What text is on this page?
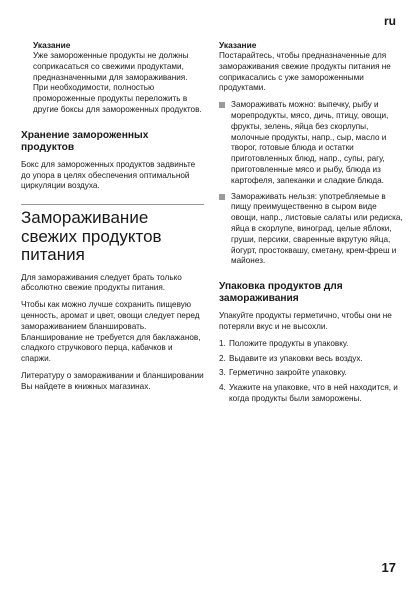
ru
Указание

Уже замороженные продукты не должны соприкасаться со свежими продуктами, предназначенными для замораживания. При необходимости, полностью промороженные продукты переложить в другие боксы для замороженных продуктов.

Хранение замороженных продуктов

Бокс для замороженных продуктов задвиньте до упора в целях обеспечения оптимальной циркуляции воздуха.

Замораживание свежих продуктов питания

Для замораживания следует брать только абсолютно свежие продукты питания.

Чтобы как можно лучше сохранить пищевую ценность, аромат и цвет, овощи следует перед замораживанием бланшировать. Бланширование не требуется для баклажанов, сладкого стручкового перца, кабачков и спаржи.

Литературу о замораживании и бланшировании Вы найдете в книжных магазинах.

Указание

Постарайтесь, чтобы предназначенные для замораживания свежие продукты питания не соприкасались с уже замороженными продуктами.

Замораживать можно: выпечку, рыбу и морепродукты, мясо, дичь, птицу, овощи, фрукты, зелень, яйца без скорлупы, молочные продукты, напр., сыр, масло и творог, готовые блюда и остатки приготовленных блюд, напр., супы, рагу, приготовленные мясо и рыбу, блюда из картофеля, запеканки и сладкие блюда.
Замораживать нельзя: употребляемые в пищу преимущественно в сыром виде овощи, напр., листовые салаты или редиска, яйца в скорлупе, виноград, целые яблоки, груши, персики, сваренные вкрутую яйца, йогурт, простоквашу, сметану, крем-фреш и майонез.
Упаковка продуктов для замораживания

Упакуйте продукты герметично, чтобы они не потеряли вкус и не высохли.

1. Положите продукты в упаковку.
2. Выдавите из упаковки весь воздух.
3. Герметично закройте упаковку.
4. Укажите на упаковке, что в ней находится, и когда продукты были заморожены.
17
